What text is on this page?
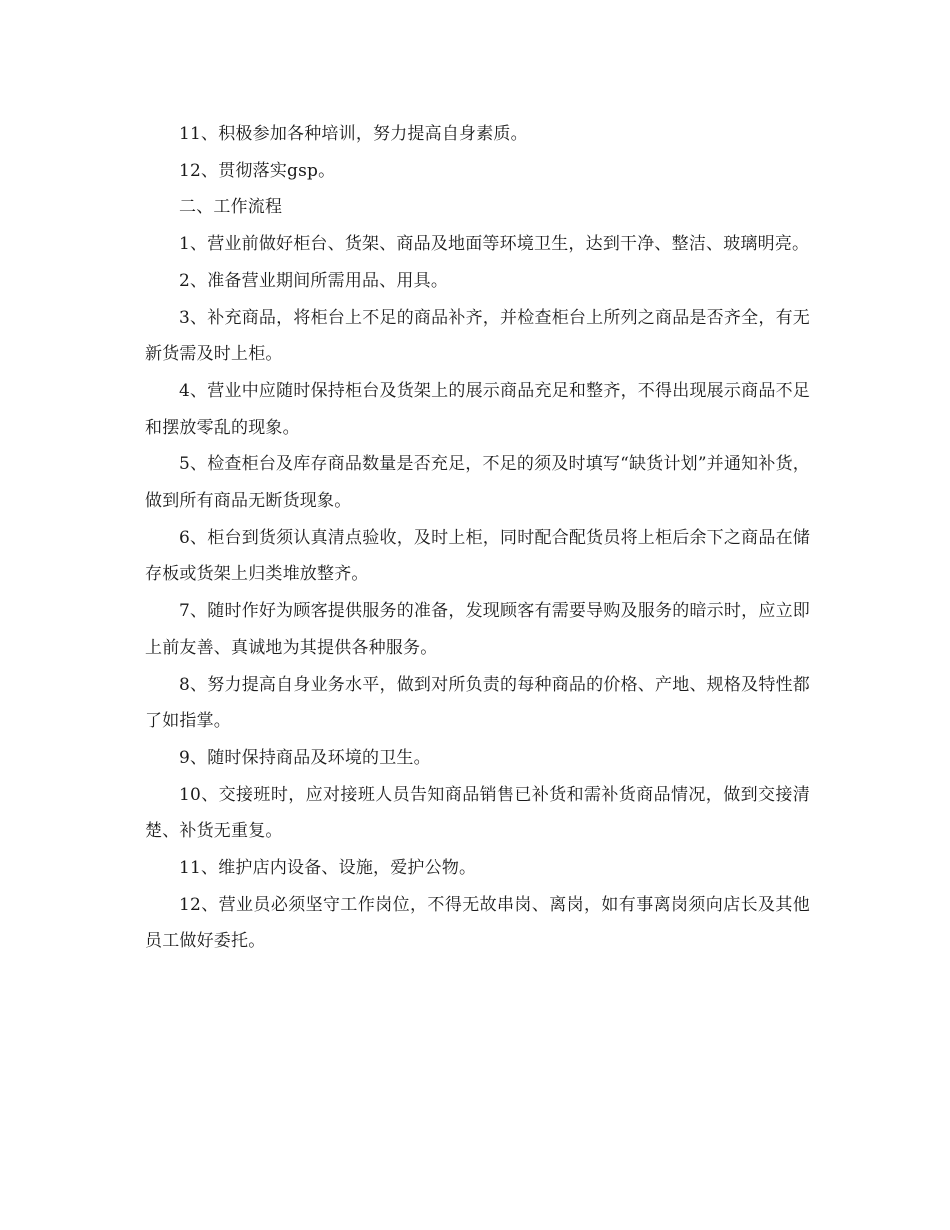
11、积极参加各种培训，努力提高自身素质。

12、贯彻落实gsp。

二、工作流程

1、营业前做好柜台、货架、商品及地面等环境卫生，达到干净、整洁、玻璃明亮。

2、准备营业期间所需用品、用具。

3、补充商品，将柜台上不足的商品补齐，并检查柜台上所列之商品是否齐全，有无新货需及时上柜。

4、营业中应随时保持柜台及货架上的展示商品充足和整齐，不得出现展示商品不足和摆放零乱的现象。

5、检查柜台及库存商品数量是否充足，不足的须及时填写“缺货计划”并通知补货，做到所有商品无断货现象。

6、柜台到货须认真清点验收，及时上柜，同时配合配货员将上柜后余下之商品在储存板或货架上归类堆放整齐。

7、随时作好为顾客提供服务的准备，发现顾客有需要导购及服务的暗示时，应立即上前友善、真诚地为其提供各种服务。

8、努力提高自身业务水平，做到对所负责的每种商品的价格、产地、规格及特性都了如指掌。

9、随时保持商品及环境的卫生。

10、交接班时，应对接班人员告知商品销售已补货和需补货商品情况，做到交接清楚、补货无重复。

11、维护店内设备、设施，爱护公物。

12、营业员必须坚守工作岗位，不得无故串岗、离岗，如有事离岗须向店长及其他员工做好委托。
